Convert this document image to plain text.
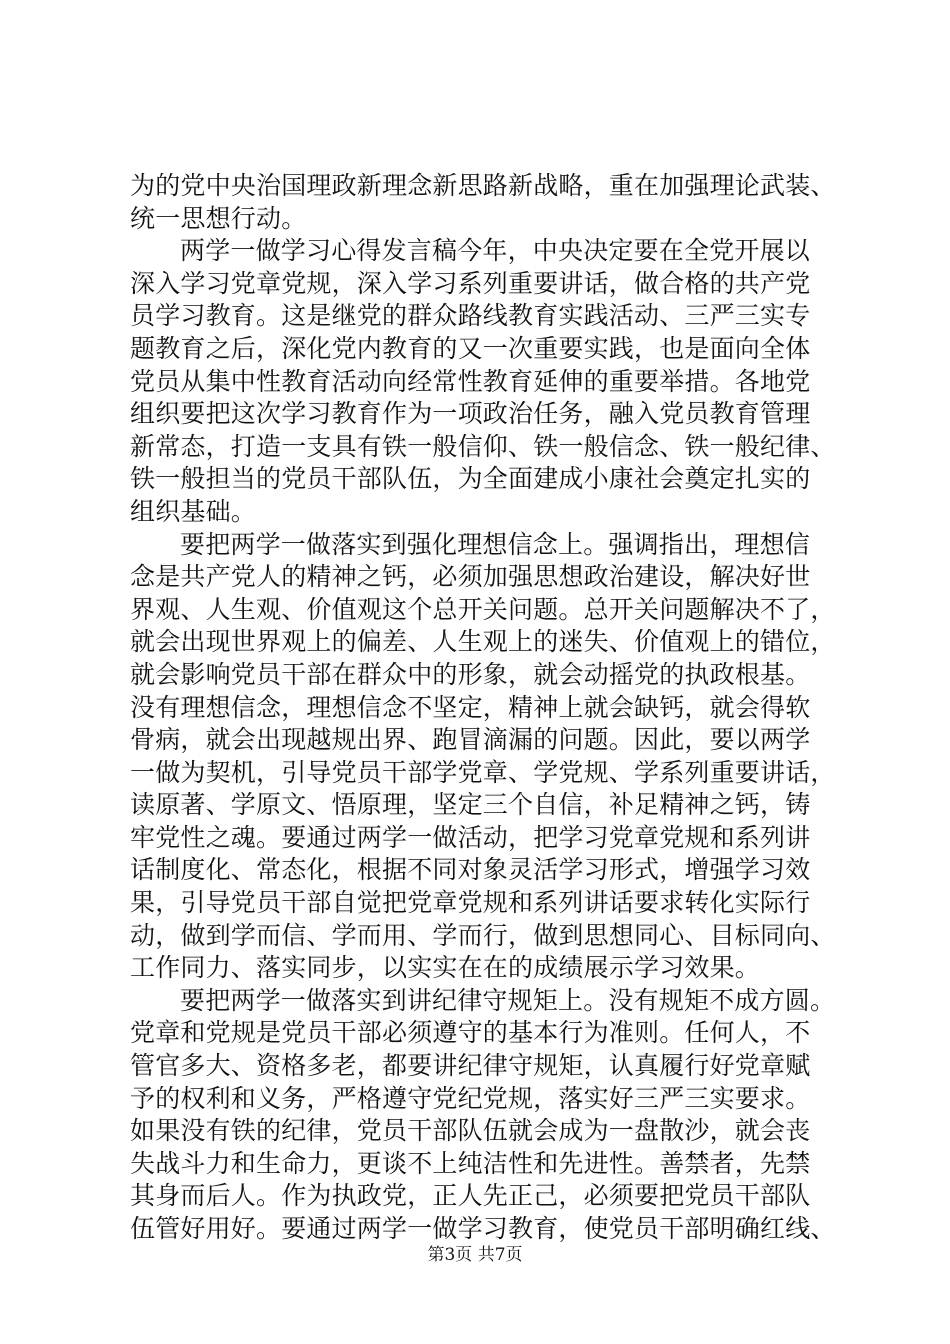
为的党中央治国理政新理念新思路新战略，重在加强理论武装、
统一思想行动。
两学一做学习心得发言稿今年，中央决定要在全党开展以
深入学习党章党规，深入学习系列重要讲话，做合格的共产党
员学习教育。这是继党的群众路线教育实践活动、三严三实专
题教育之后，深化党内教育的又一次重要实践，也是面向全体
党员从集中性教育活动向经常性教育延伸的重要举措。各地党
组织要把这次学习教育作为一项政治任务，融入党员教育管理
新常态，打造一支具有铁一般信仰、铁一般信念、铁一般纪律、
铁一般担当的党员干部队伍，为全面建成小康社会奠定扎实的
组织基础。
要把两学一做落实到强化理想信念上。强调指出，理想信
念是共产党人的精神之钙，必须加强思想政治建设，解决好世
界观、人生观、价值观这个总开关问题。总开关问题解决不了，
就会出现世界观上的偏差、人生观上的迷失、价值观上的错位，
就会影响党员干部在群众中的形象，就会动摇党的执政根基。
没有理想信念，理想信念不坚定，精神上就会缺钙，就会得软
骨病，就会出现越规出界、跑冒滴漏的问题。因此，要以两学
一做为契机，引导党员干部学党章、学党规、学系列重要讲话，
读原著、学原文、悟原理，坚定三个自信，补足精神之钙，铸
牢党性之魂。要通过两学一做活动，把学习党章党规和系列讲
话制度化、常态化，根据不同对象灵活学习形式，增强学习效
果，引导党员干部自觉把党章党规和系列讲话要求转化实际行
动，做到学而信、学而用、学而行，做到思想同心、目标同向、
工作同力、落实同步，以实实在在的成绩展示学习效果。
要把两学一做落实到讲纪律守规矩上。没有规矩不成方圆。
党章和党规是党员干部必须遵守的基本行为准则。任何人，不
管官多大、资格多老，都要讲纪律守规矩，认真履行好党章赋
予的权利和义务，严格遵守党纪党规，落实好三严三实要求。
如果没有铁的纪律，党员干部队伍就会成为一盘散沙，就会丧
失战斗力和生命力，更谈不上纯洁性和先进性。善禁者，先禁
其身而后人。作为执政党，正人先正己，必须要把党员干部队
伍管好用好。要通过两学一做学习教育，使党员干部明确红线、
第3页 共7页
